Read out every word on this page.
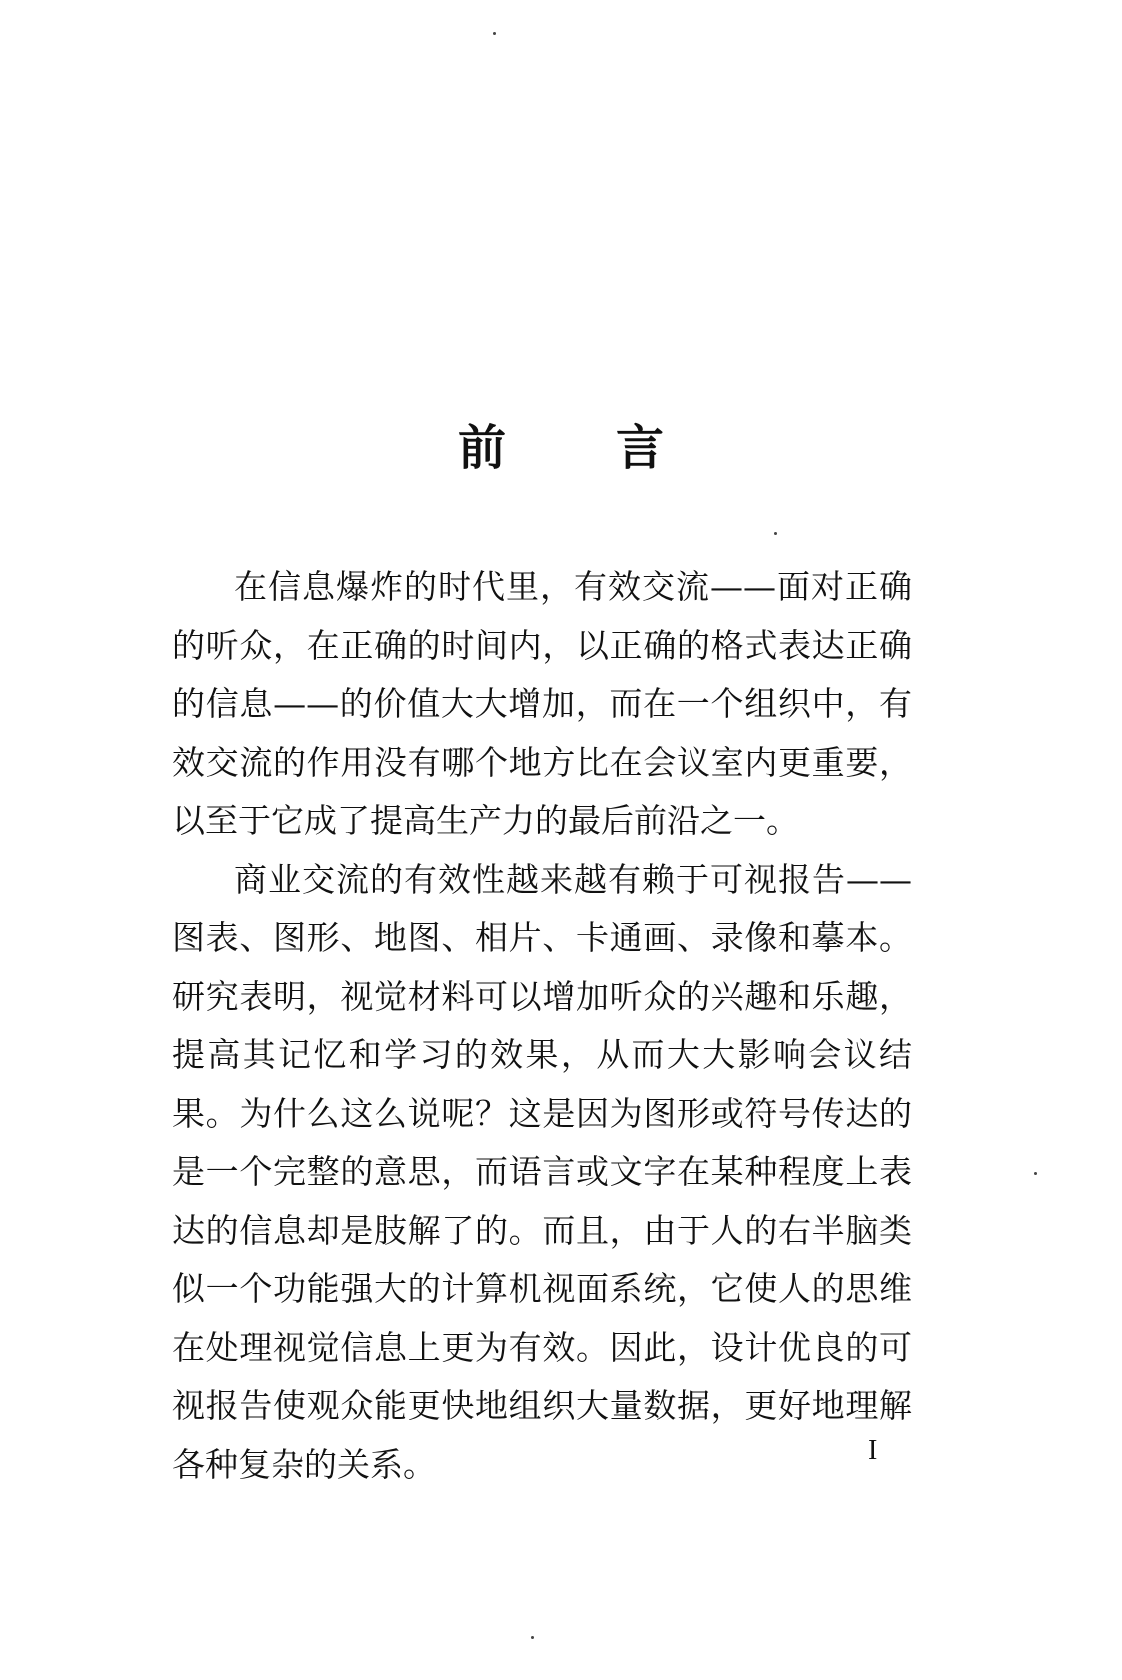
前言

在信息爆炸的时代里，有效交流——面对正确的听众，在正确的时间内，以正确的格式表达正确的信息——的价值大大增加，而在一个组织中，有效交流的作用没有哪个地方比在会议室内更重要，以至于它成了提高生产力的最后前沿之一。

商业交流的有效性越来越有赖于可视报告——图表、图形、地图、相片、卡通画、录像和摹本。研究表明，视觉材料可以增加听众的兴趣和乐趣，提高其记忆和学习的效果，从而大大影响会议结果。为什么这么说呢？这是因为图形或符号传达的是一个完整的意思，而语言或文字在某种程度上表达的信息却是肢解了的。而且，由于人的右半脑类似一个功能强大的计算机视面系统，它使人的思维在处理视觉信息上更为有效。因此，设计优良的可视报告使观众能更快地组织大量数据，更好地理解各种复杂的关系。	I
